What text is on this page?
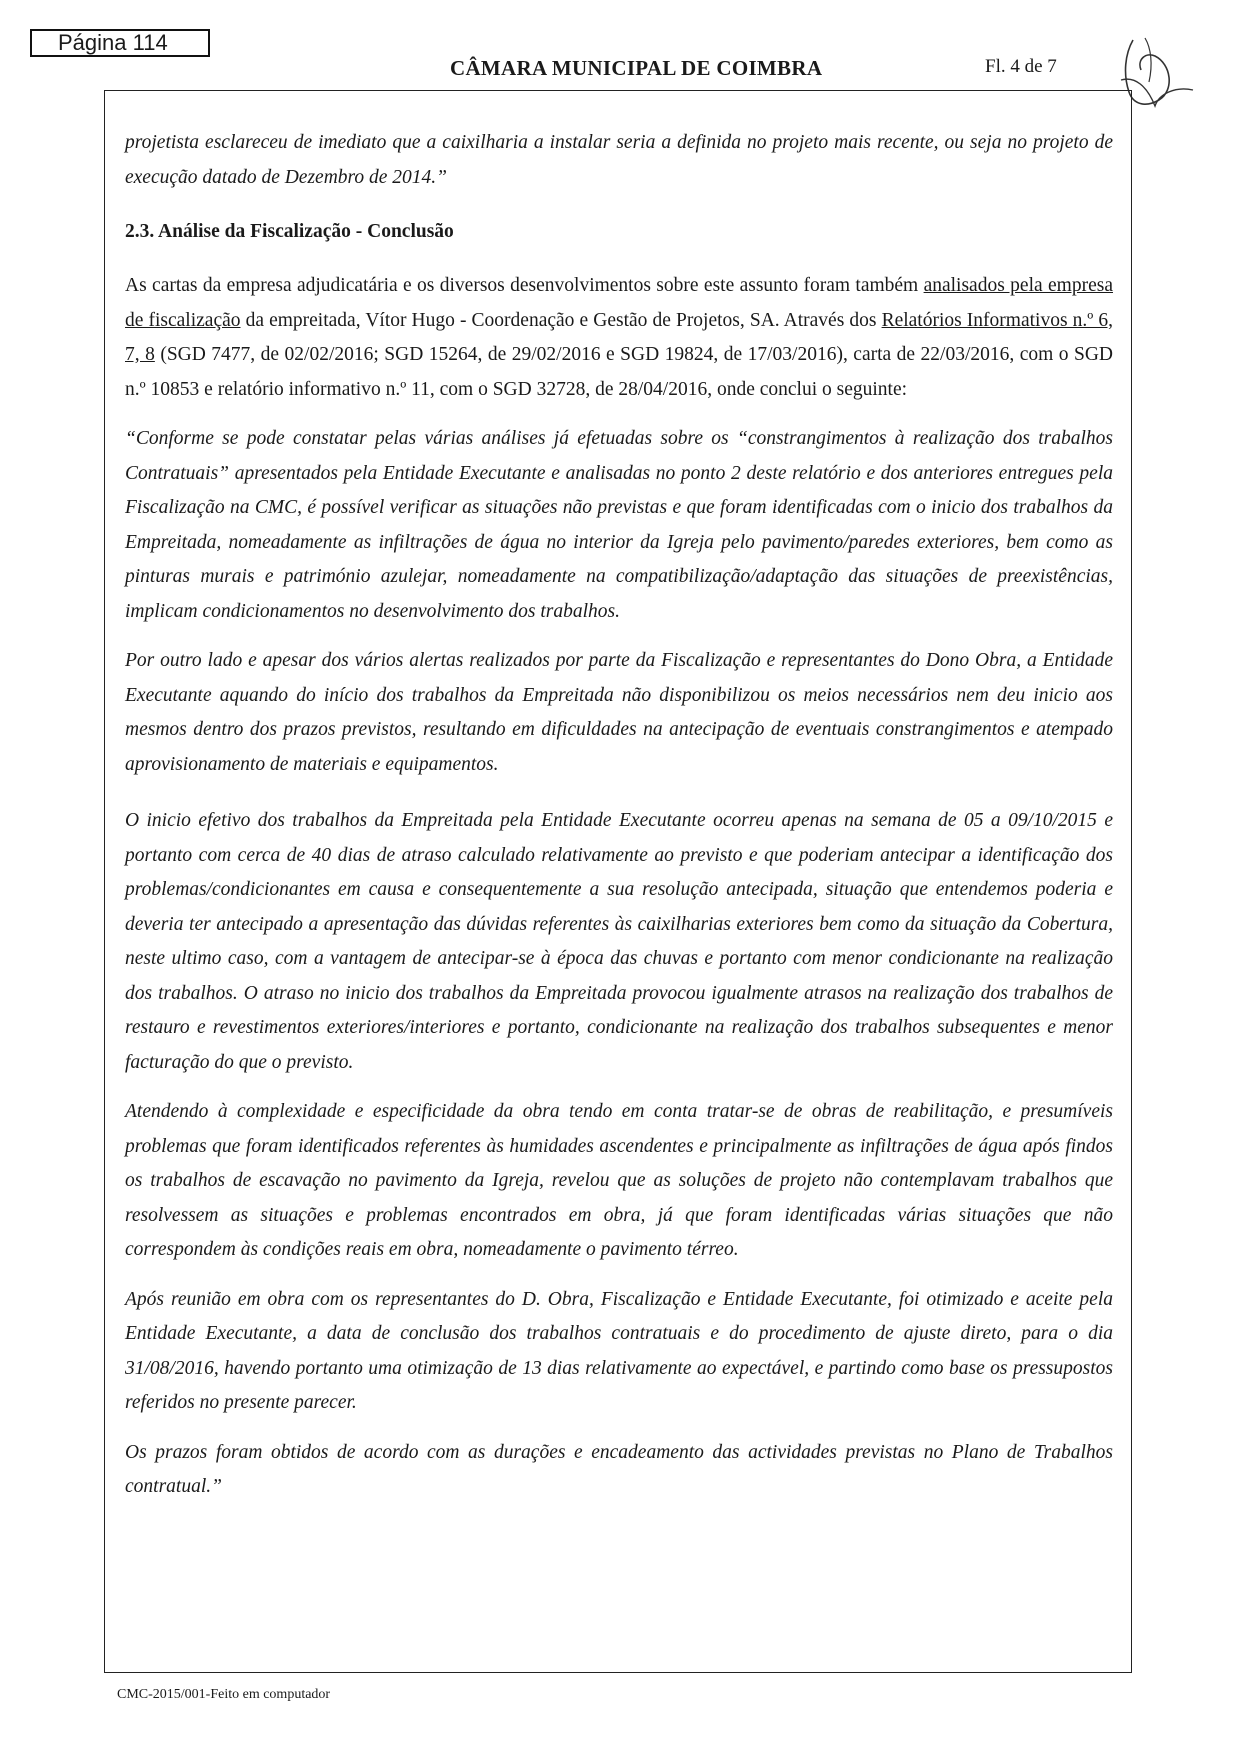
Página 114
CÂMARA MUNICIPAL DE COIMBRA	Fl. 4 de 7

projetista esclareceu de imediato que a caixilharia a instalar seria a definida no projeto mais recente, ou seja no projeto de execução datado de Dezembro de 2014.”

2.3. Análise da Fiscalização - Conclusão

As cartas da empresa adjudicatária e os diversos desenvolvimentos sobre este assunto foram também analisados pela empresa de fiscalização da empreitada, Vítor Hugo - Coordenação e Gestão de Projetos, SA. Através dos Relatórios Informativos n.º 6, 7, 8 (SGD 7477, de 02/02/2016; SGD 15264, de 29/02/2016 e SGD 19824, de 17/03/2016), carta de 22/03/2016, com o SGD n.º 10853 e relatório informativo n.º 11, com o SGD 32728, de 28/04/2016, onde conclui o seguinte:

“Conforme se pode constatar pelas várias análises já efetuadas sobre os “constrangimentos à realização dos trabalhos Contratuais” apresentados pela Entidade Executante e analisadas no ponto 2 deste relatório e dos anteriores entregues pela Fiscalização na CMC, é possível verificar as situações não previstas e que foram identificadas com o inicio dos trabalhos da Empreitada, nomeadamente as infiltrações de água no interior da Igreja pelo pavimento/paredes exteriores, bem como as pinturas murais e património azulejar, nomeadamente na compatibilização/adaptação das situações de preexistências, implicam condicionamentos no desenvolvimento dos trabalhos.

Por outro lado e apesar dos vários alertas realizados por parte da Fiscalização e representantes do Dono Obra, a Entidade Executante aquando do início dos trabalhos da Empreitada não disponibilizou os meios necessários nem deu inicio aos mesmos dentro dos prazos previstos, resultando em dificuldades na antecipação de eventuais constrangimentos e atempado aprovisionamento de materiais e equipamentos.

O inicio efetivo dos trabalhos da Empreitada pela Entidade Executante ocorreu apenas na semana de 05 a 09/10/2015 e portanto com cerca de 40 dias de atraso calculado relativamente ao previsto e que poderiam antecipar a identificação dos problemas/condicionantes em causa e consequentemente a sua resolução antecipada, situação que entendemos poderia e deveria ter antecipado a apresentação das dúvidas referentes às caixilharias exteriores bem como da situação da Cobertura, neste ultimo caso, com a vantagem de antecipar-se à época das chuvas e portanto com menor condicionante na realização dos trabalhos. O atraso no inicio dos trabalhos da Empreitada provocou igualmente atrasos na realização dos trabalhos de restauro e revestimentos exteriores/interiores e portanto, condicionante na realização dos trabalhos subsequentes e menor facturação do que o previsto.

Atendendo à complexidade e especificidade da obra tendo em conta tratar-se de obras de reabilitação, e presumíveis problemas que foram identificados referentes às humidades ascendentes e principalmente as infiltrações de água após findos os trabalhos de escavação no pavimento da Igreja, revelou que as soluções de projeto não contemplavam trabalhos que resolvessem as situações e problemas encontrados em obra, já que foram identificadas várias situações que não correspondem às condições reais em obra, nomeadamente o pavimento térreo.

Após reunião em obra com os representantes do D. Obra, Fiscalização e Entidade Executante, foi otimizado e aceite pela Entidade Executante, a data de conclusão dos trabalhos contratuais e do procedimento de ajuste direto, para o dia 31/08/2016, havendo portanto uma otimização de 13 dias relativamente ao expectável, e partindo como base os pressupostos referidos no presente parecer.

Os prazos foram obtidos de acordo com as durações e encadeamento das actividades previstas no Plano de Trabalhos contratual.”

CMC-2015/001-Feito em computador
